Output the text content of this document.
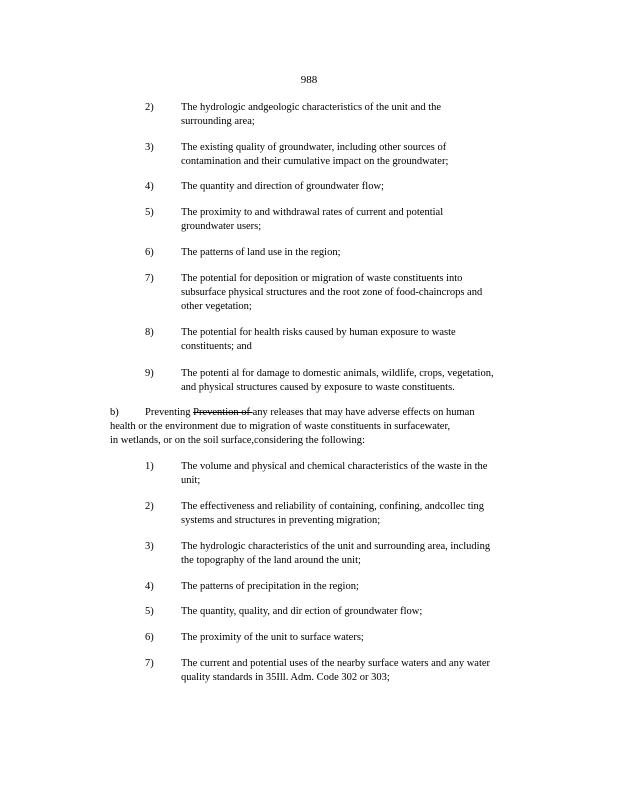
988
2)	The hydrologic andgeologic characteristics of the unit and the
surrounding area;
3)	The existing quality of groundwater, including other sources of
contamination and their cumulative impact on the groundwater;
4)	The quantity and direction of groundwater flow;
5)	The proximity to and withdrawal rates of current and potential
groundwater users;
6)	The patterns of land use in the region;
7)	The potential for deposition or migration of waste constituents into
subsurface physical structures and the root zone of food-chaincrops and
other vegetation;
8)	The potential for health risks caused by human exposure to waste
constituents; and
9)	The potenti al for damage to domestic animals, wildlife, crops, vegetation,
and physical structures caused by exposure to waste constituents.
b)	Preventing Prevention of any releases that may have adverse effects on human
health or the environment due to migration of waste constituents in surfacewater,
in wetlands, or on the soil surface,considering the following:
1)	The volume and physical and chemical characteristics of the waste in the
unit;
2)	The effectiveness and reliability of containing, confining, andcollec ting
systems and structures in preventing migration;
3)	The hydrologic characteristics of the unit and surrounding area, including
the topography of the land around the unit;
4)	The patterns of precipitation in the region;
5)	The quantity, quality, and dir ection of groundwater flow;
6)	The proximity of the unit to surface waters;
7)	The current and potential uses of the nearby surface waters and any water
quality standards in 35Ill. Adm. Code 302 or 303;
